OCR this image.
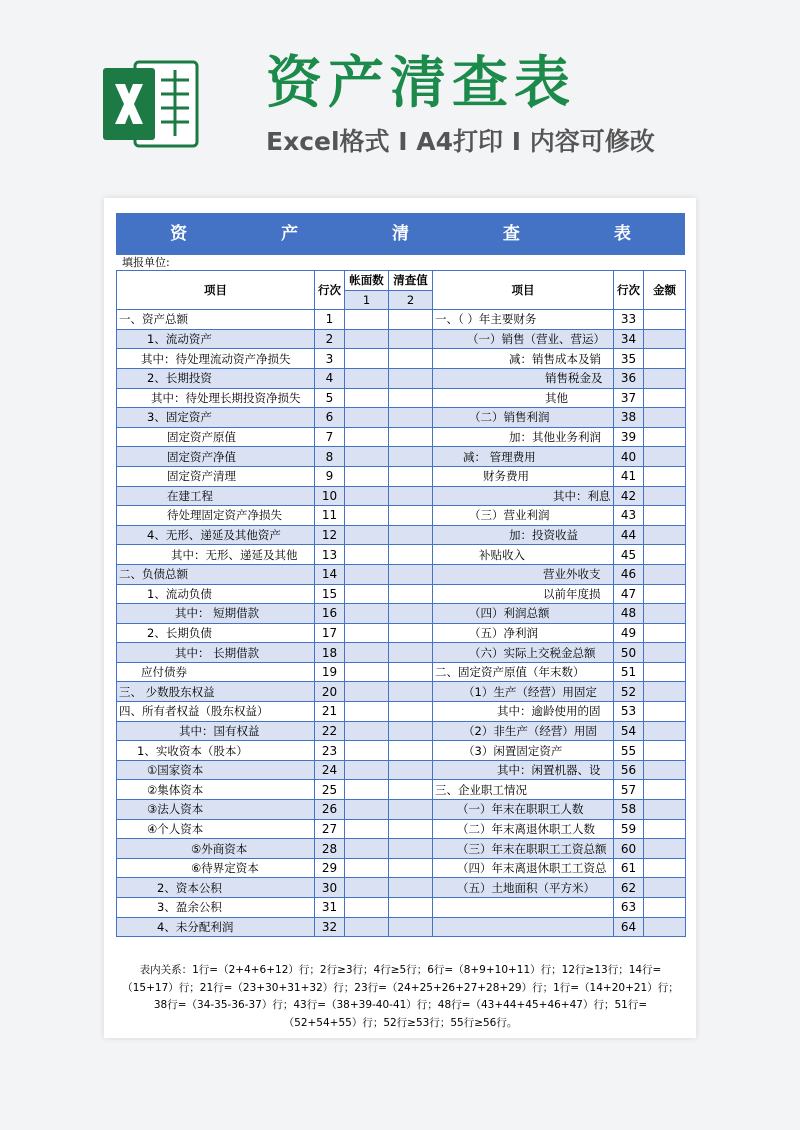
资产清查表
Excel格式 Ⅰ A4打印 Ⅰ 内容可修改
资 产 清 查 表
填报单位:
项目	行次	帐面数	清查值	项目	行次	金额
		1	2			
一、资产总额	1			一、（ ）年主要财务	33	
1、流动资产	2			（一）销售（营业、营运）	34	
其中：待处理流动资产净损失	3			减：销售成本及销	35	
2、长期投资	4			销售税金及	36	
其中：待处理长期投资净损失	5			其他	37	
3、固定资产	6			（二）销售利润	38	
固定资产原值	7			加：其他业务利润	39	
固定资产净值	8			减： 管理费用	40	
固定资产清理	9			财务费用	41	
在建工程	10			其中：利息	42	
待处理固定资产净损失	11			（三）营业利润	43	
4、无形、递延及其他资产	12			加：投资收益	44	
其中：无形、递延及其他	13			补贴收入	45	
二、负债总额	14			营业外收支	46	
1、流动负债	15			以前年度损	47	
其中： 短期借款	16			（四）利润总额	48	
2、长期负债	17			（五）净利润	49	
其中： 长期借款	18			（六）实际上交税金总额	50	
应付债券	19			二、固定资产原值（年末数）	51	
三、 少数股东权益	20			（1）生产（经营）用固定	52	
四、所有者权益（股东权益）	21			其中：逾龄使用的固	53	
其中：国有权益	22			（2）非生产（经营）用固	54	
1、实收资本（股本）	23			（3）闲置固定资产	55	
①国家资本	24			其中：闲置机器、设	56	
②集体资本	25			三、企业职工情况	57	
③法人资本	26			（一）年末在职职工人数	58	
④个人资本	27			（二）年末离退休职工人数	59	
⑤外商资本	28			（三）年末在职职工工资总额	60	
⑥待界定资本	29			（四）年末离退休职工工资总	61	
2、资本公积	30			（五）土地面积（平方米）	62	
3、盈余公积	31				63	
4、未分配利润	32				64	
表内关系：1行=（2+4+6+12）行；2行≥3行；4行≥5行；6行=（8+9+10+11）行；12行≥13行；14行=（15+17）行；21行=（23+30+31+32）行；23行=（24+25+26+27+28+29）行；1行=（14+20+21）行；38行=（34-35-36-37）行；43行=（38+39-40-41）行；48行=（43+44+45+46+47）行；51行=（52+54+55）行；52行≥53行；55行≥56行。
